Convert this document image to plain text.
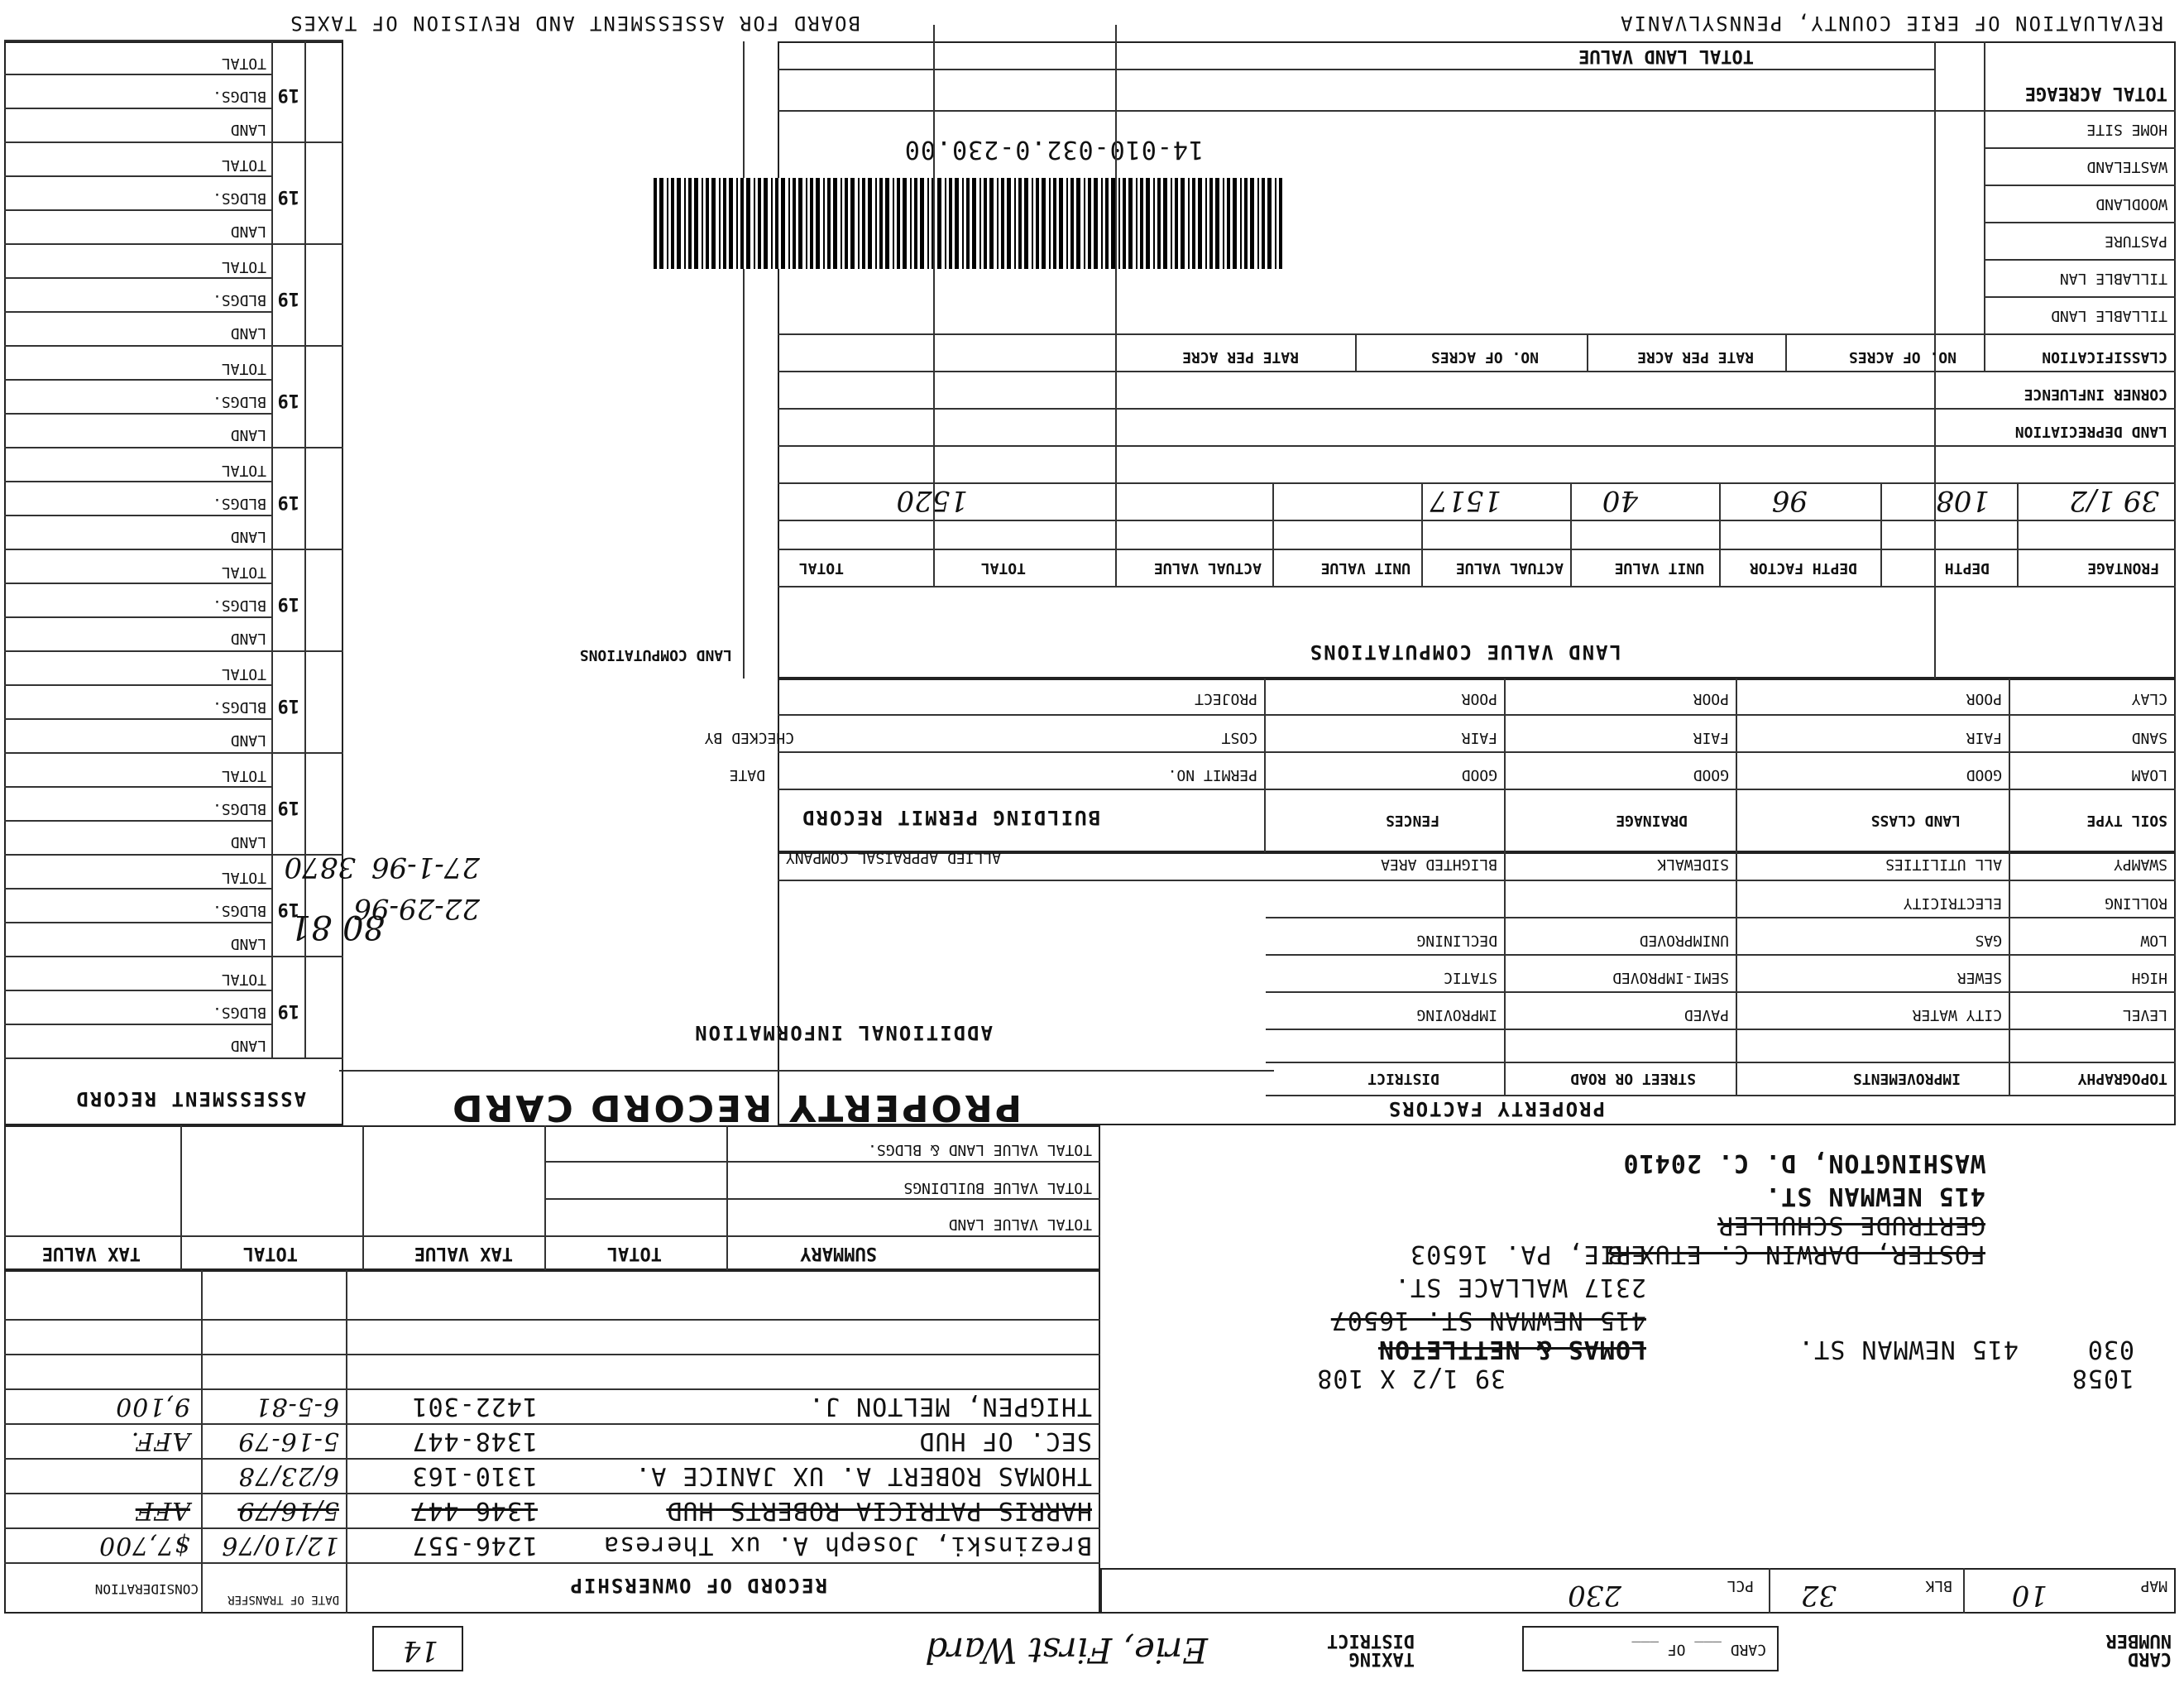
REVALUATION OF ERIE COUNTY, PENNSYLVANIA
BOARD FOR ASSESSMENT AND REVISION OF TAXES
TOTAL LAND VALUE
TOTAL ACREAGE
HOME SITE
WASTELAND
WOODLAND
PASTURE
TILLABLE LAN
TILLABLE LAND
14-010-032.0-230.00
CLASSIFICATION
NO. OF ACRES
RATE PER ACRE
NO. OF ACRES
RATE PER ACRE
CORNER INFLUENCE
LAND DEPRECIATION
39 1/2
108
96
40
1517
1520
FRONTAGE
DEPTH
DEPTH FACTOR
UNIT VALUE
ACTUAL VALUE
UNIT VALUE
ACTUAL VALUE
TOTAL
TOTAL
LAND VALUE COMPUTATIONS
LAND COMPUTATIONS
CLAY
SAND
LOAM
POOR
FAIR
GOOD
POOR
FAIR
GOOD
POOR
FAIR
GOOD
SOIL TYPE
LAND CLASS
DRAINAGE
FENCES
PROJECT
COST
PERMIT NO.
CHECKED BY
DATE
BUILDING PERMIT RECORD
SWAMPY
ROLLING
LOW
HIGH
LEVEL
ALL UTILITIES
ELECTRICITY
GAS
SEWER
CITY WATER
SIDEWALK
UNIMPROVED
SEMI-IMPROVED
PAVED
BLIGHTED AREA
DECLINING
STATIC
IMPROVING
TOPOGRAPHY
IMPROVEMENTS
STREET OR ROAD
DISTRICT
PROPERTY FACTORS
ALLIED APPRAISAL COMPANY
27-1-96
22-29-96
ADDITIONAL INFORMATION
PROPERTY RECORD CARD
ASSESSMENT RECORD
80 81
3870
TOTAL VALUE LAND & BLDGS.
TOTAL VALUE BUILDINGS
TOTAL VALUE LAND
SUMMARY
TOTAL
TAX VALUE
TOTAL
TAX VALUE
WASHINGTON, D. C. 20410
415 NEWMAN ST.
GERTRUDE SCHULLER
FOSTER, DARWIN C. ETUX B
ERIE, PA. 16503
2317 WALLACE ST.
415 NEWMAN ST. 16507
LOMAS & NETTLETON	030
415 NEWMAN ST.
1058
39 1/2 X 108
RECORD OF OWNERSHIP
DATE OF TRANSFER
CONSIDERATION	MAP
10
BLK
32
PCL
230
CARD NUMBER
CARD ___ OF ___
TAXING DISTRICT
Erie, First Ward
14
19
LAND
BLDGS.
TOTAL
19
LAND
BLDGS.
TOTAL
19
LAND
BLDGS.
TOTAL
19
LAND
BLDGS.
TOTAL
19
LAND
BLDGS.
TOTAL
19
LAND
BLDGS.
TOTAL
19
LAND
BLDGS.
TOTAL
19
LAND
BLDGS.
TOTAL
19
LAND
BLDGS.
TOTAL
19
LAND
BLDGS.
TOTAL
THIGPEN, MELTON J.
1422-301
6-5-81
9,100
SEC. OF HUD
1348-447
5-16-79
AFF.
THOMAS ROBERT A. UX JANICE A.
1310-163
6/23/78
HARRIS PATRICIA ROBERTS HUD
1346-447
5/16/79
AFF
Brezinski, Joseph A. ux Theresa
1246-557
12/10/76
$7,700
